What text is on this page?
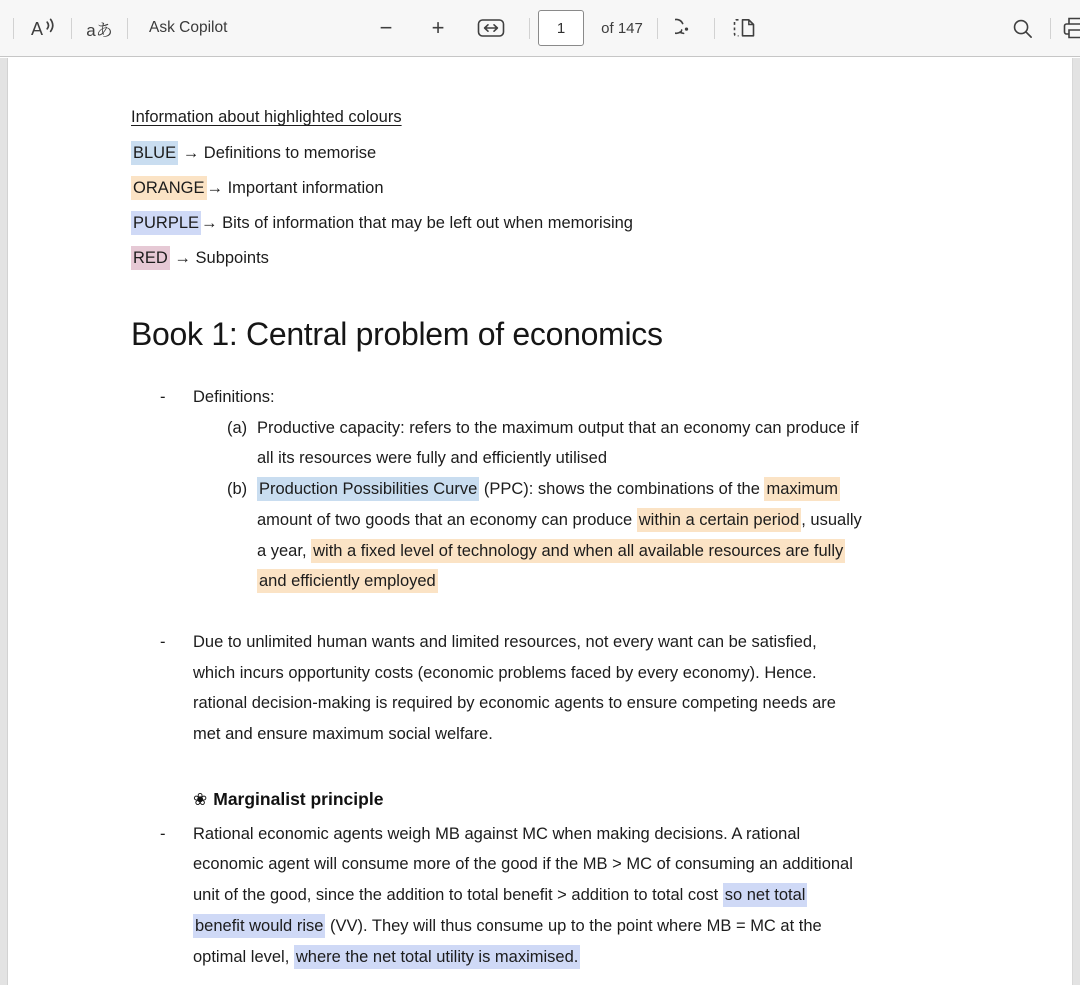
A	aあ Ask Copilot	−	+
1	of 147
Information about highlighted colours
BLUE → Definitions to memorise
ORANGE → Important information
PURPLE → Bits of information that may be left out when memorising
RED → Subpoints
Book 1: Central problem of economics
- Definitions:
(a) Productive capacity: refers to the maximum output that an economy can produce if
all its resources were fully and efficiently utilised
(b) Production Possibilities Curve (PPC): shows the combinations of the maximum
amount of two goods that an economy can produce within a certain period , usually
a year, with a fixed level of technology and when all available resources are fully
and efficiently employed
- Due to unlimited human wants and limited resources, not every want can be satisfied,
which incurs opportunity costs (economic problems faced by every economy). Hence.
rational decision-making is required by economic agents to ensure competing needs are
met and ensure maximum social welfare.
❀ Marginalist principle
- Rational economic agents weigh MB against MC when making decisions. A rational
economic agent will consume more of the good if the MB > MC of consuming an additional
unit of the good, since the addition to total benefit > addition to total cost so net total
benefit would rise (VV). They will thus consume up to the point where MB = MC at the
optimal level, where the net total utility is maximised.
